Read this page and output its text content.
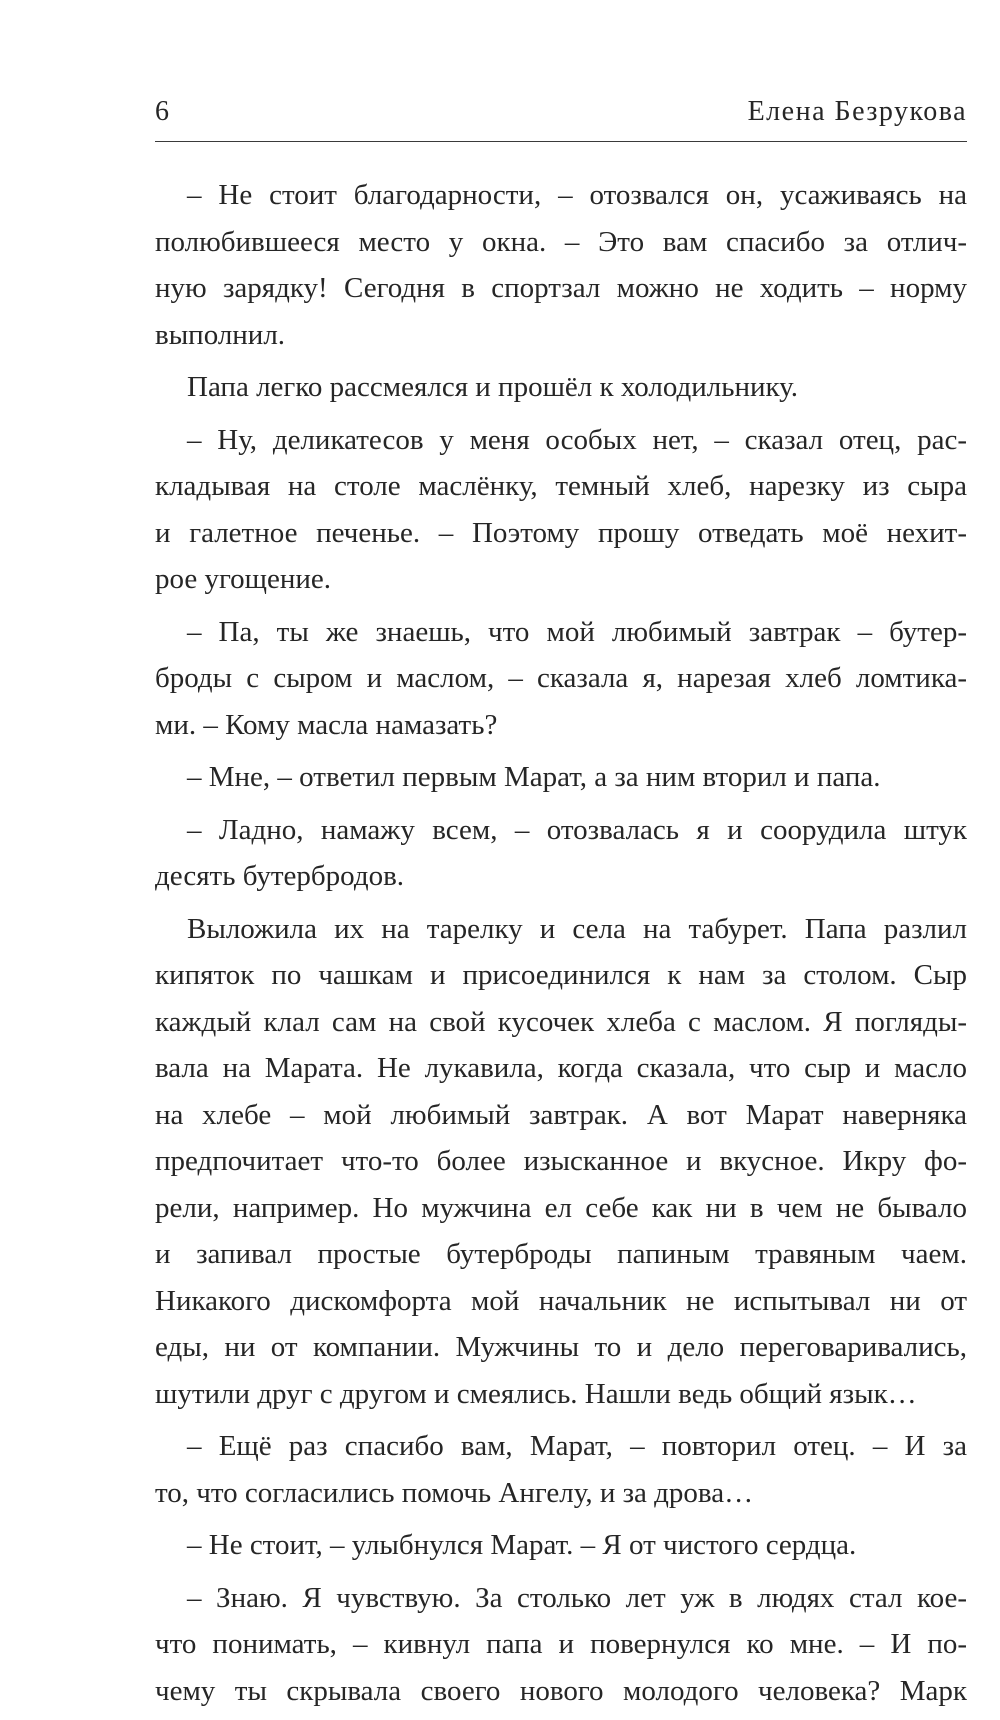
6	Елена Безрукова
– Не стоит благодарности, – отозвался он, усаживаясь на
полюбившееся место у окна. – Это вам спасибо за отлич-
ную зарядку! Сегодня в спортзал можно не ходить – норму
выполнил.
Папа легко рассмеялся и прошёл к холодильнику.
– Ну, деликатесов у меня особых нет, – сказал отец, рас-
кладывая на столе маслёнку, темный хлеб, нарезку из сыра
и галетное печенье. – Поэтому прошу отведать моё нехит-
рое угощение.
– Па, ты же знаешь, что мой любимый завтрак – бутер-
броды с сыром и маслом, – сказала я, нарезая хлеб ломтика-
ми. – Кому масла намазать?
– Мне, – ответил первым Марат, а за ним вторил и папа.
– Ладно, намажу всем, – отозвалась я и соорудила штук
десять бутербродов.
Выложила их на тарелку и села на табурет. Папа разлил
кипяток по чашкам и присоединился к нам за столом. Сыр
каждый клал сам на свой кусочек хлеба с маслом. Я погляды-
вала на Марата. Не лукавила, когда сказала, что сыр и масло
на хлебе – мой любимый завтрак. А вот Марат наверняка
предпочитает что-то более изысканное и вкусное. Икру фо-
рели, например. Но мужчина ел себе как ни в чем не бывало
и запивал простые бутерброды папиным травяным чаем.
Никакого дискомфорта мой начальник не испытывал ни от
еды, ни от компании. Мужчины то и дело переговаривались,
шутили друг с другом и смеялись. Нашли ведь общий язык…
– Ещё раз спасибо вам, Марат, – повторил отец. – И за
то, что согласились помочь Ангелу, и за дрова…
– Не стоит, – улыбнулся Марат. – Я от чистого сердца.
– Знаю. Я чувствую. За столько лет уж в людях стал кое-
что понимать, – кивнул папа и повернулся ко мне. – И по-
чему ты скрывала своего нового молодого человека? Марк
